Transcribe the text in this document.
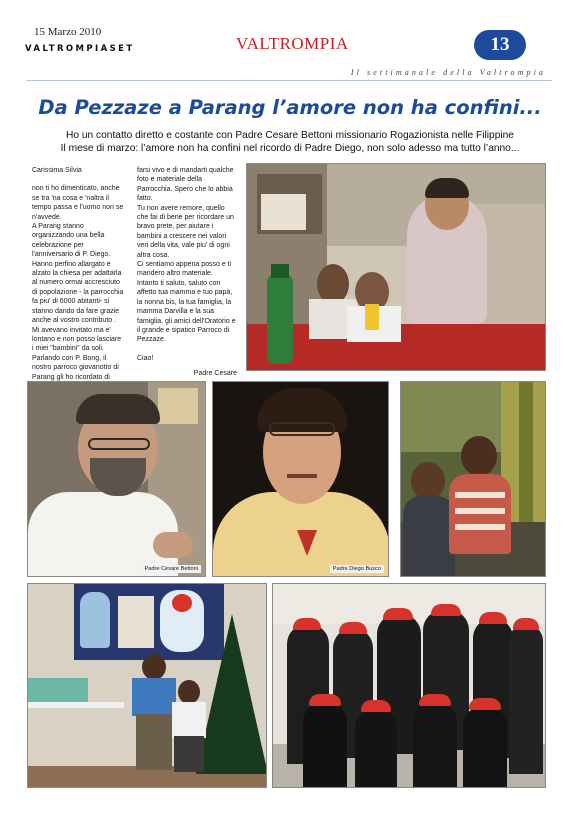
15 Marzo 2010
VALTROMPIASET	VALTROMPIA	13
Il settimanale della Valtrompia
Da Pezzaze a Parang l’amore non ha confini...
Ho un contatto diretto e costante con Padre Cesare Bettoni missionario Rogazionista nelle Filippine
Il mese di marzo: l’amore non ha confini nel ricordo di Padre Diego, non solo adesso ma tutto l’anno...

Carissima Silvia

non ti ho dimenticato, anche se tra 'na cosa e 'naltra il tempo passa e l'uomo non se n'avvede.

A Parang stanno organizzando una bella celebrazione per l'anniversario di P. Diego. Hanno perfino allargato e alzato la chiesa per adattarla al numero ormai accresciuto di popolazione - la parrocchia fa piu' di 6000 abitanti- si stanno dando da fare grazie anche al vostro contributo .

Mi avevano invitato ma e' lontano e non posso lasciare i miei "bambini" da soli. Parlando con P. Bong, il nostro parroco giovanotto di Parang gli ho ricordato di

farsi vivo e di mandarti qualche foto e materiale della Parrocchia. Spero che lo abbia fatto.

Tu non avere remore, quello che fai di bene per ricordare un bravo prete, per aiutare i bambini a crescere nei valori veri della vita, vale piu' di ogni altra cosa.

Ci sentiamo appena posso e ti mandero altro materiale.

Intanto ti saluto, saluto con affetto tua mamma e tuo papà, la nonna bis, la tua famiglia, la mamma Darvilla e la sua famiglia, gli amici dell'Oratorio e il grande e sipatico Parroco di Pezzaze.

Ciao!

Padre Cesare

Padre Cesare Bettoni	Padre Diego Busco
